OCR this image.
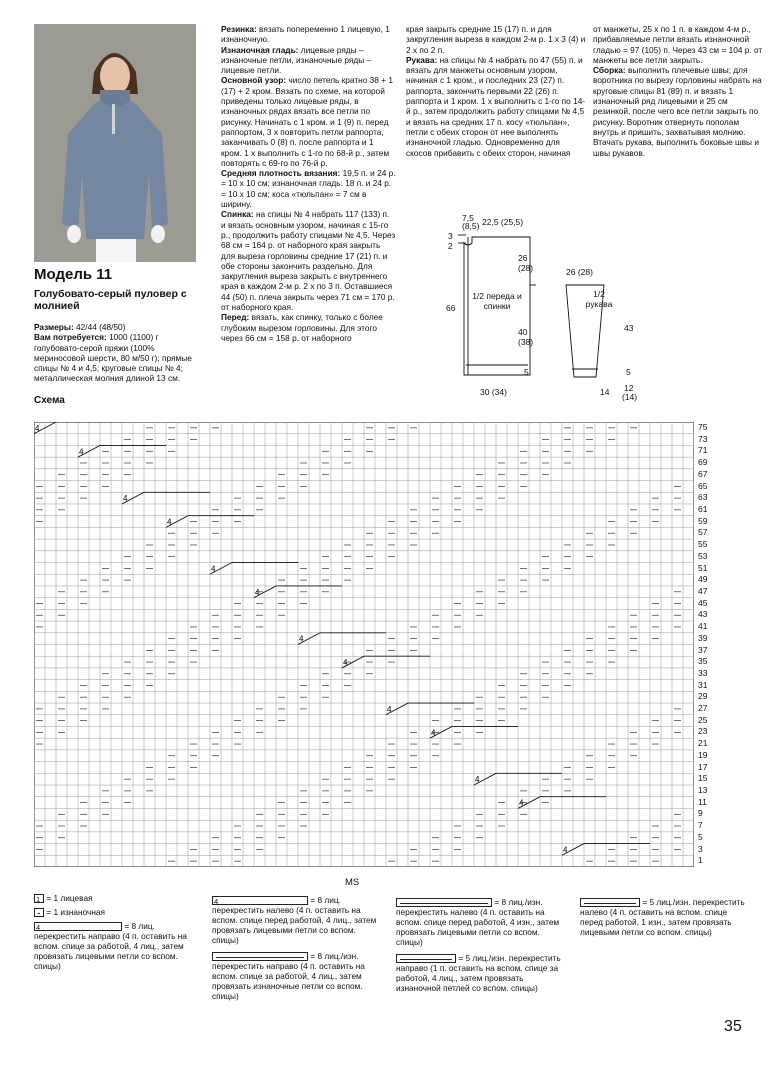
Модель 11
Голубовато-серый пуловер с молнией

Размеры: 42/44 (48/50)

Вам потребуется: 1000 (1100) г голубовато-серой пряжи (100% мериносовой шерсти, 80 м/50 г); прямые спицы № 4 и 4,5; круговые спицы № 4; металлическая молния длиной 13 см.

Резинка: вязать попеременно 1 лицевую, 1 изнаночную.

Изнаночная гладь: лицевые ряды – изнаночные петли, изнаночные ряды – лицевые петли.

Основной узор: число петель кратно 38 + 1 (17) + 2 кром. Вязать по схеме, на которой приведены только лицевые ряды, в изнаночных рядах вязать все петли по рисунку. Начинать с 1 кром. и 1 (9) п. перед раппортом, 3 х повторить петли раппорта, заканчивать 0 (8) п. после раппорта и 1 кром. 1 х выполнить с 1-го по 68-й р., затем повторять с 69-го по 76-й р.

Средняя плотность вязания: 19,5 п. и 24 р. = 10 х 10 см; изнаночная гладь: 18 п. и 24 р. = 10 х 10 см; коса «тюльпан» = 7 см в ширину.

Спинка: на спицы № 4 набрать 117 (133) п. и вязать основным узором, начиная с 15-го р., продолжить работу спицами № 4,5. Через 68 см = 164 р. от наборного края закрыть для выреза горловины средние 17 (21) п. и обе стороны закончить раздельно. Для закругления выреза закрыть с внутреннего края в каждом 2-м р. 2 х по 3 п. Оставшиеся 44 (50) п. плеча закрыть через 71 см = 170 р. от наборного края.

Перед: вязать, как спинку, только с более глубоким вырезом горловины. Для этого через 66 см = 158 р. от наборного

края закрыть средние 15 (17) п. и для закругления выреза в каждом 2-м р. 1 х 3 (4) и 2 х по 2 п.

Рукава: на спицы № 4 набрать по 47 (55) п. и вязать для манжеты основным узором, начиная с 1 кром., и последних 23 (27) п. раппорта, закончить первыми 22 (26) п. раппорта и 1 кром. 1 х выполнить с 1-го по 14-й р., затем продолжить работу спицами № 4,5 и вязать на средних 17 п. косу «тюльпан», петли с обеих сторон от нее выполнять изнаночной гладью. Одновременно для скосов прибавить с обеих сторон, начиная

от манжеты, 25 х по 1 п. в каждом 4-м р., прибавляемые петли вязать изнаночной гладью = 97 (105) п. Через 43 см = 104 р. от манжеты все петли закрыть.

Сборка: выполнить плечевые швы; для воротника по вырезу горловины набрать на круговые спицы 81 (89) п. и вязать 1 изнаночный ряд лицевыми и 25 см резинкой, после чего все петли закрыть по рисунку. Воротник отвернуть пополам внутрь и пришить, захватывая молнию. Втачать рукава, выполнить боковые швы и швы рукавов.

7,5
(8,5) 22,5 (25,5)
3
2
26
(28)
66
1/2 переда и спинки
40
(38)
5
30 (34)
26 (28)
1/2 рукава
43
5
14 12
(14)
Схема
4
4
4
4
4
4
4
4
4
4
4
4
4
75
73
71
69
67
65
63
61
59
57
55
53
51
49
47
45
43
41
39
37
35
33
31
29
27
25
23
21
19
17
15
13
11
9
7
5
3
1
MS
1 = 1 лицевая
= 1 изнаночная
4	= 8 лиц. перекрестить направо (4 п. оставить на вспом. спице за работой, 4 лиц., затем провязать лицевыми петли со вспом. спицы)
4	= 8 лиц. перекрестить налево (4 п. оставить на вспом. спице перед работой, 4 лиц., затем провязать лицевыми петли со вспом. спицы)
= 8 лиц./изн. перекрестить направо (4 п. оставить на вспом. спице за работой, 4 лиц., затем провязать изнаночные петли со вспом. спицы)
= 8 лиц./изн. перекрестить налево (4 п. оставить на вспом. спице перед работой, 4 изн., затем провязать лицевыми петли со вспом. спицы)
= 5 лиц./изн. перекрестить направо (1 п. оставить на вспом. спице за работой, 4 лиц., затем провязать изнаночной петлей со вспом. спицы)
= 5 лиц./изн. перекрестить налево (4 п. оставить на вспом. спице перед работой, 1 изн., затем провязать лицевыми петли со вспом. спицы)
35
